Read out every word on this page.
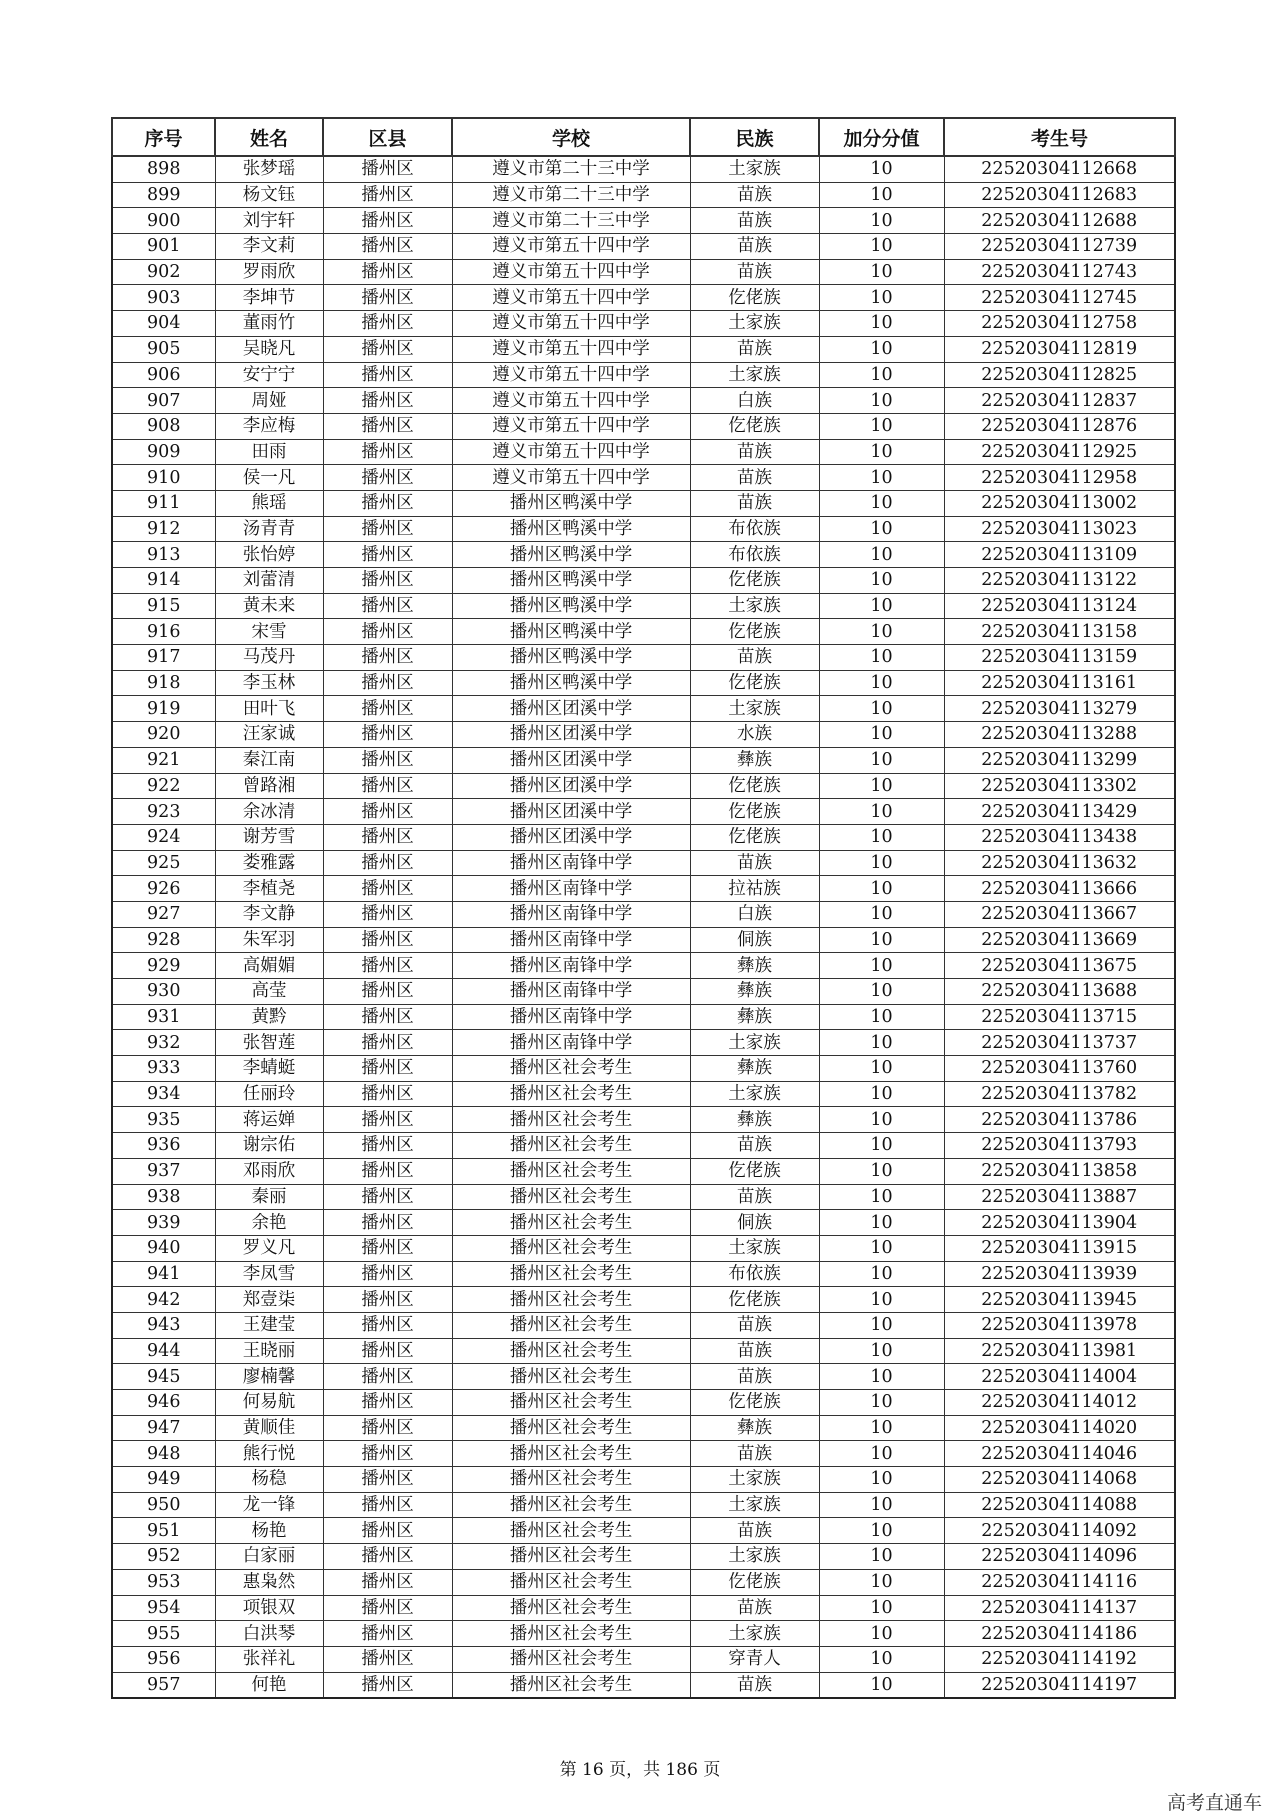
序号	姓名	区县	学校	民族	加分分值	考生号
898	张梦瑶	播州区	遵义市第二十三中学	土家族	10	22520304112668
899	杨文钰	播州区	遵义市第二十三中学	苗族	10	22520304112683
900	刘宇轩	播州区	遵义市第二十三中学	苗族	10	22520304112688
901	李文莉	播州区	遵义市第五十四中学	苗族	10	22520304112739
902	罗雨欣	播州区	遵义市第五十四中学	苗族	10	22520304112743
903	李坤节	播州区	遵义市第五十四中学	仡佬族	10	22520304112745
904	董雨竹	播州区	遵义市第五十四中学	土家族	10	22520304112758
905	吴晓凡	播州区	遵义市第五十四中学	苗族	10	22520304112819
906	安宁宁	播州区	遵义市第五十四中学	土家族	10	22520304112825
907	周娅	播州区	遵义市第五十四中学	白族	10	22520304112837
908	李应梅	播州区	遵义市第五十四中学	仡佬族	10	22520304112876
909	田雨	播州区	遵义市第五十四中学	苗族	10	22520304112925
910	侯一凡	播州区	遵义市第五十四中学	苗族	10	22520304112958
911	熊瑶	播州区	播州区鸭溪中学	苗族	10	22520304113002
912	汤青青	播州区	播州区鸭溪中学	布依族	10	22520304113023
913	张怡婷	播州区	播州区鸭溪中学	布依族	10	22520304113109
914	刘蕾清	播州区	播州区鸭溪中学	仡佬族	10	22520304113122
915	黄未来	播州区	播州区鸭溪中学	土家族	10	22520304113124
916	宋雪	播州区	播州区鸭溪中学	仡佬族	10	22520304113158
917	马茂丹	播州区	播州区鸭溪中学	苗族	10	22520304113159
918	李玉林	播州区	播州区鸭溪中学	仡佬族	10	22520304113161
919	田叶飞	播州区	播州区团溪中学	土家族	10	22520304113279
920	汪家诚	播州区	播州区团溪中学	水族	10	22520304113288
921	秦江南	播州区	播州区团溪中学	彝族	10	22520304113299
922	曾路湘	播州区	播州区团溪中学	仡佬族	10	22520304113302
923	余冰清	播州区	播州区团溪中学	仡佬族	10	22520304113429
924	谢芳雪	播州区	播州区团溪中学	仡佬族	10	22520304113438
925	娄雅露	播州区	播州区南锋中学	苗族	10	22520304113632
926	李植尧	播州区	播州区南锋中学	拉祜族	10	22520304113666
927	李文静	播州区	播州区南锋中学	白族	10	22520304113667
928	朱军羽	播州区	播州区南锋中学	侗族	10	22520304113669
929	高媚媚	播州区	播州区南锋中学	彝族	10	22520304113675
930	高莹	播州区	播州区南锋中学	彝族	10	22520304113688
931	黄黔	播州区	播州区南锋中学	彝族	10	22520304113715
932	张智莲	播州区	播州区南锋中学	土家族	10	22520304113737
933	李蜻蜓	播州区	播州区社会考生	彝族	10	22520304113760
934	任丽玲	播州区	播州区社会考生	土家族	10	22520304113782
935	蒋运婵	播州区	播州区社会考生	彝族	10	22520304113786
936	谢宗佑	播州区	播州区社会考生	苗族	10	22520304113793
937	邓雨欣	播州区	播州区社会考生	仡佬族	10	22520304113858
938	秦丽	播州区	播州区社会考生	苗族	10	22520304113887
939	余艳	播州区	播州区社会考生	侗族	10	22520304113904
940	罗义凡	播州区	播州区社会考生	土家族	10	22520304113915
941	李凤雪	播州区	播州区社会考生	布依族	10	22520304113939
942	郑壹柒	播州区	播州区社会考生	仡佬族	10	22520304113945
943	王建莹	播州区	播州区社会考生	苗族	10	22520304113978
944	王晓丽	播州区	播州区社会考生	苗族	10	22520304113981
945	廖楠馨	播州区	播州区社会考生	苗族	10	22520304114004
946	何易航	播州区	播州区社会考生	仡佬族	10	22520304114012
947	黄顺佳	播州区	播州区社会考生	彝族	10	22520304114020
948	熊行悦	播州区	播州区社会考生	苗族	10	22520304114046
949	杨稳	播州区	播州区社会考生	土家族	10	22520304114068
950	龙一锋	播州区	播州区社会考生	土家族	10	22520304114088
951	杨艳	播州区	播州区社会考生	苗族	10	22520304114092
952	白家丽	播州区	播州区社会考生	土家族	10	22520304114096
953	惠枭然	播州区	播州区社会考生	仡佬族	10	22520304114116
954	项银双	播州区	播州区社会考生	苗族	10	22520304114137
955	白洪琴	播州区	播州区社会考生	土家族	10	22520304114186
956	张祥礼	播州区	播州区社会考生	穿青人	10	22520304114192
957	何艳	播州区	播州区社会考生	苗族	10	22520304114197
第 16 页，共 186 页
高考直通车
